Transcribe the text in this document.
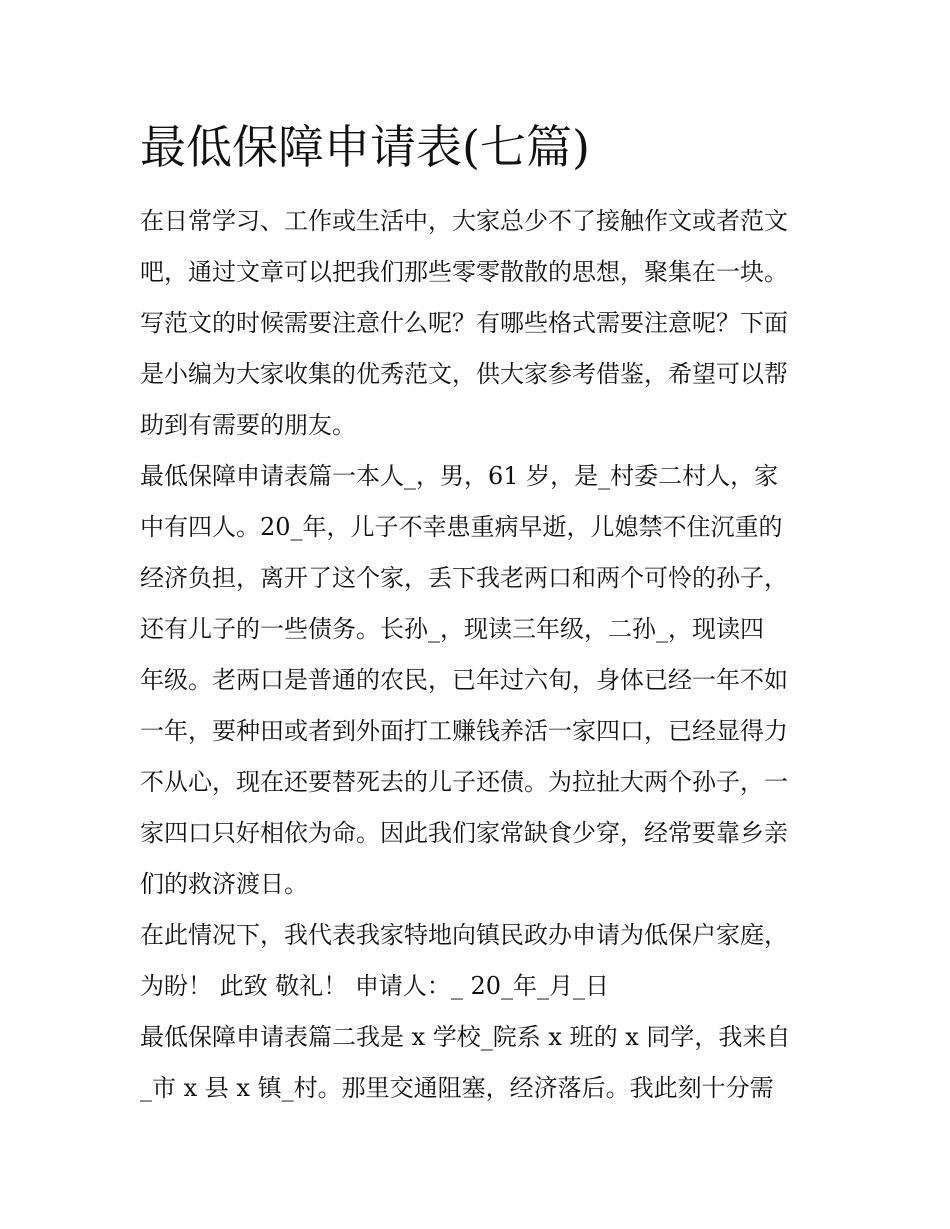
最低保障申请表(七篇)
在日常学习、工作或生活中，大家总少不了接触作文或者范文
吧，通过文章可以把我们那些零零散散的思想，聚集在一块。
写范文的时候需要注意什么呢？有哪些格式需要注意呢？下面
是小编为大家收集的优秀范文，供大家参考借鉴，希望可以帮
助到有需要的朋友。
最低保障申请表篇一本人_，男，61 岁，是_村委二村人，家
中有四人。20_年，儿子不幸患重病早逝，儿媳禁不住沉重的
经济负担，离开了这个家，丢下我老两口和两个可怜的孙子，
还有儿子的一些债务。长孙_，现读三年级，二孙_，现读四
年级。老两口是普通的农民，已年过六旬，身体已经一年不如
一年，要种田或者到外面打工赚钱养活一家四口，已经显得力
不从心，现在还要替死去的儿子还债。为拉扯大两个孙子，一
家四口只好相依为命。因此我们家常缺食少穿，经常要靠乡亲
们的救济渡日。
在此情况下，我代表我家特地向镇民政办申请为低保户家庭，
为盼！ 此致 敬礼！ 申请人：_ 20_年_月_日
最低保障申请表篇二我是 x 学校_院系 x 班的 x 同学，我来自
_市 x 县 x 镇_村。那里交通阻塞，经济落后。我此刻十分需
